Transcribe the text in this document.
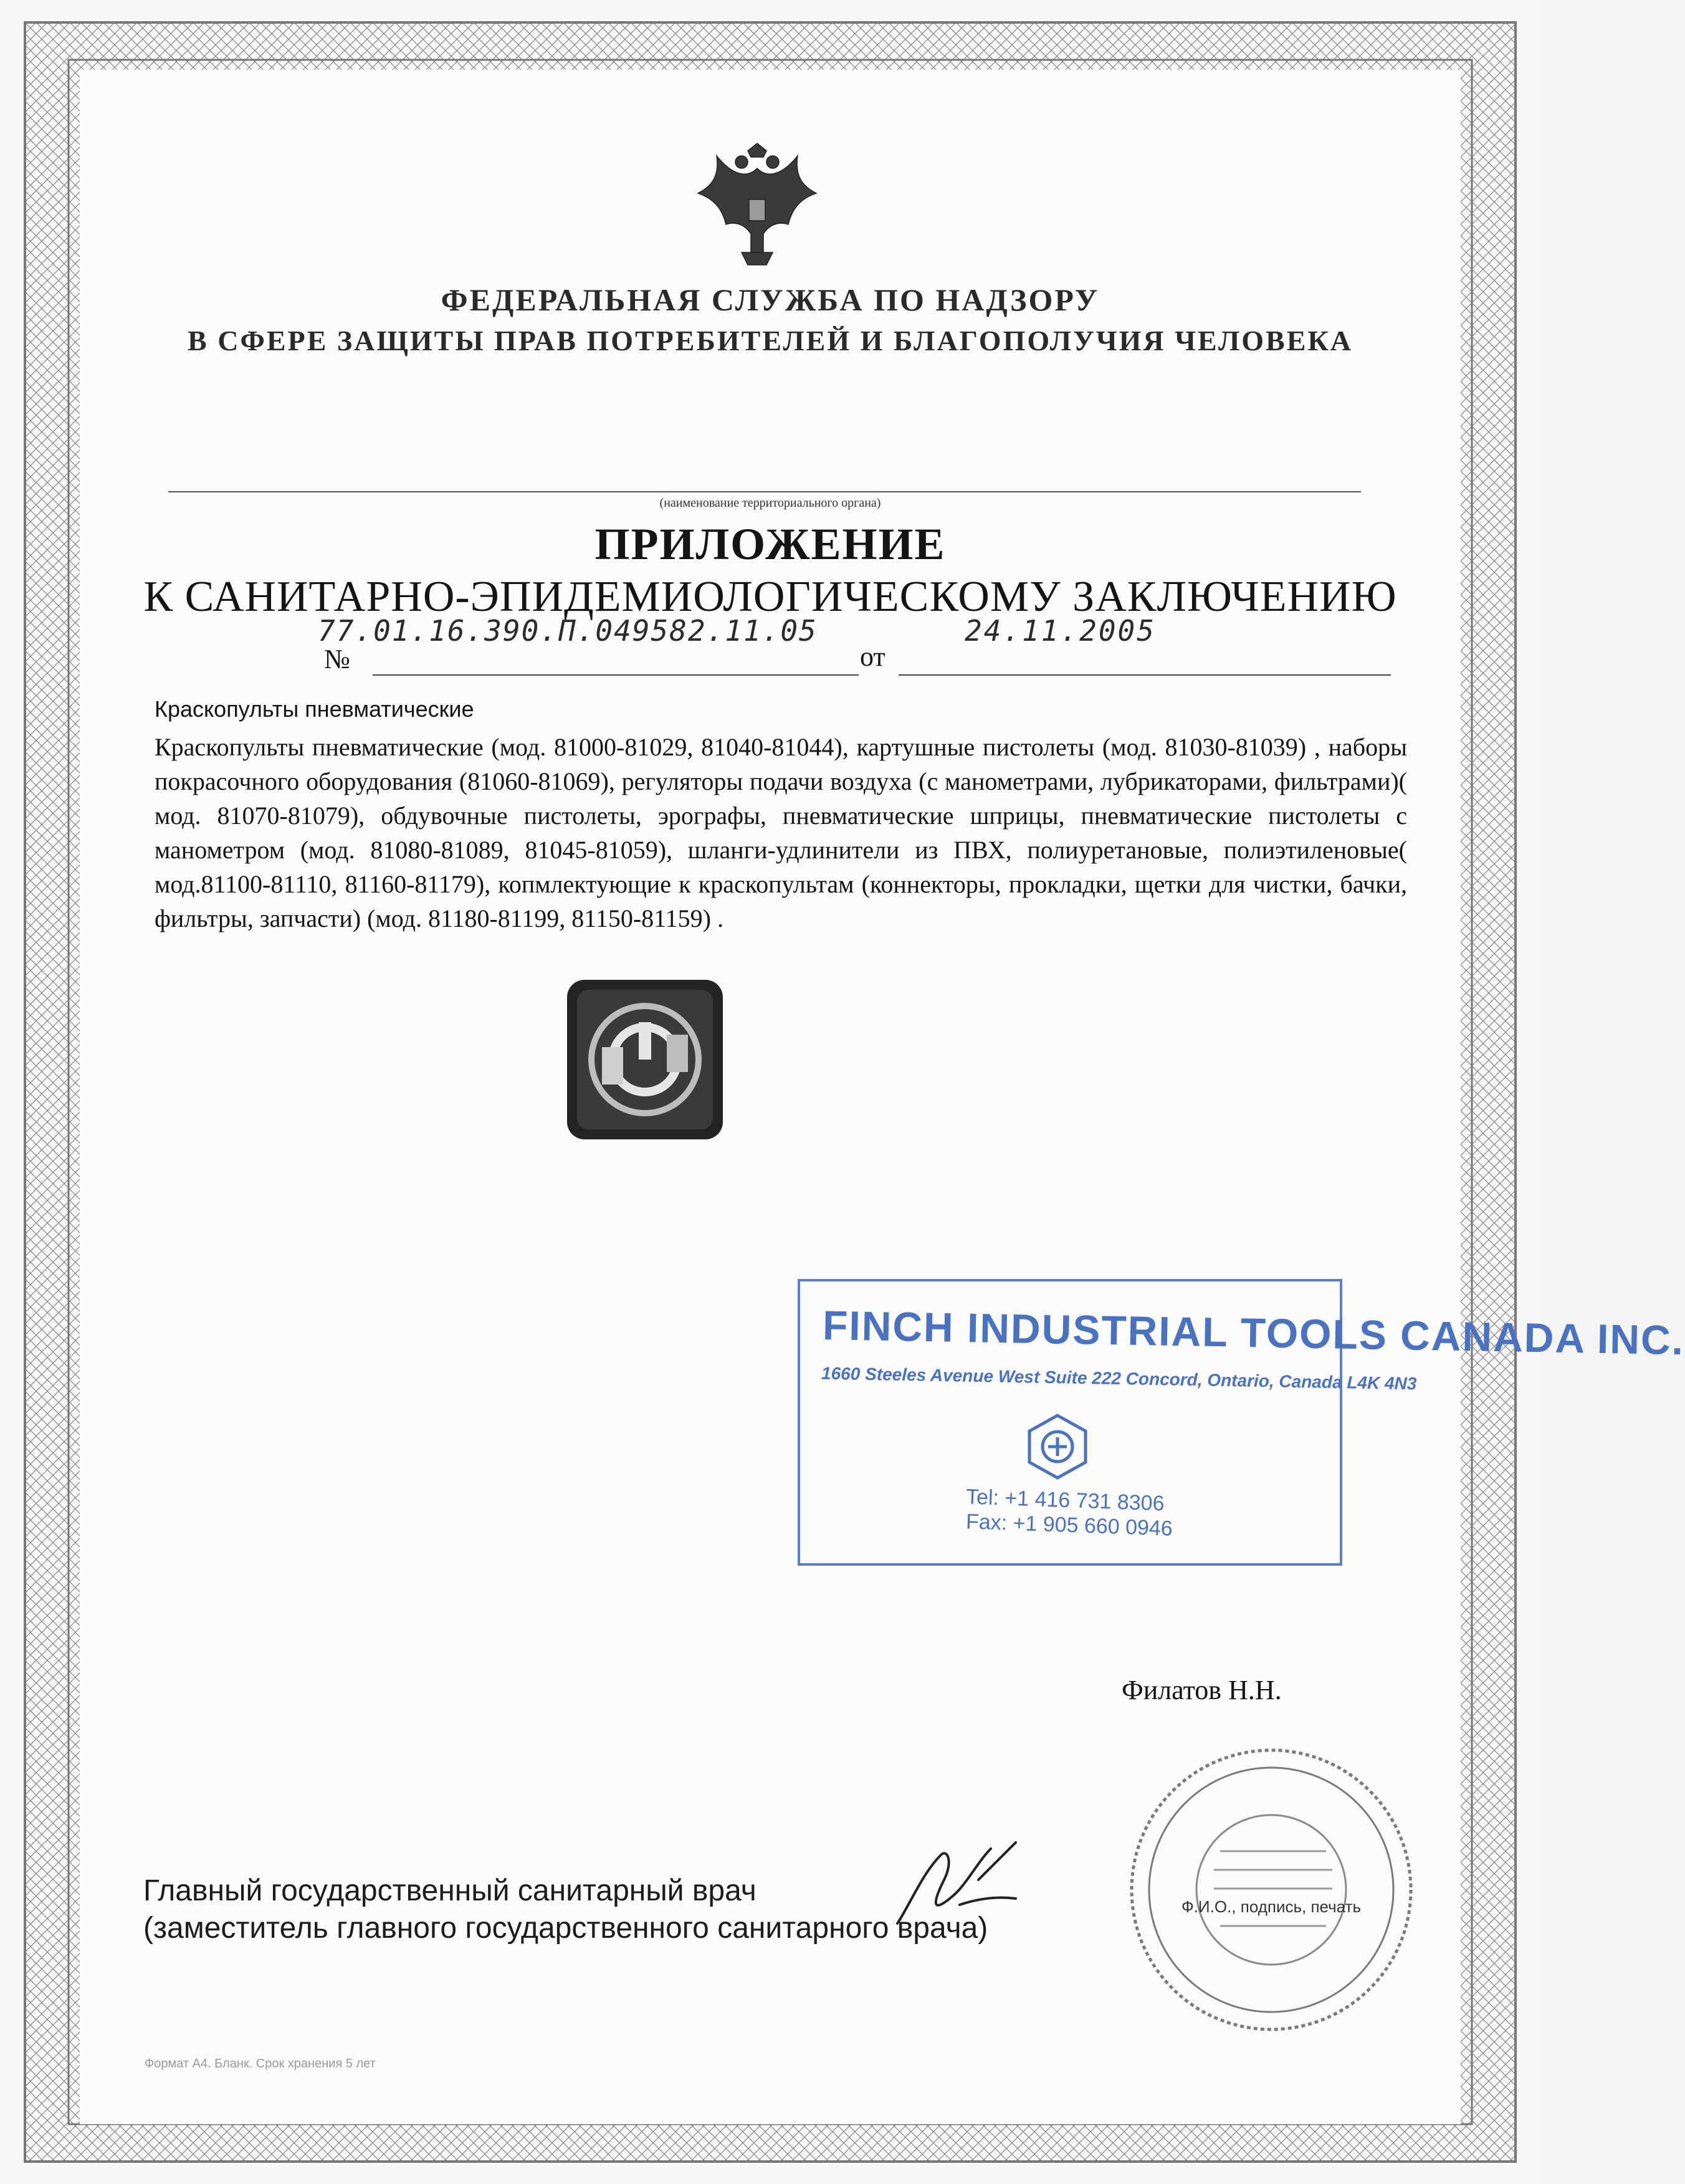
ФЕДЕРАЛЬНАЯ СЛУЖБА ПО НАДЗОРУ
В СФЕРЕ ЗАЩИТЫ ПРАВ ПОТРЕБИТЕЛЕЙ И БЛАГОПОЛУЧИЯ ЧЕЛОВЕКА
(наименование территориального органа)
ПРИЛОЖЕНИЕ
К САНИТАРНО-ЭПИДЕМИОЛОГИЧЕСКОМУ ЗАКЛЮЧЕНИЮ
77.01.16.390.П.049582.11.05	24.11.2005
№	от

Краскопульты пневматические

Краскопульты пневматические (мод. 81000-81029, 81040-81044), картушные пистолеты (мод. 81030-81039) , наборы покрасочного оборудования (81060-81069), регуляторы подачи воздуха (с манометрами, лубрикаторами, фильтрами)( мод. 81070-81079), обдувочные пистолеты, эрографы, пневматические шприцы, пневматические пистолеты с манометром (мод. 81080-81089, 81045-81059), шланги-удлинители из ПВХ, полиуретановые, полиэтиленовые( мод.81100-81110, 81160-81179), копмлектующие к краскопультам (коннекторы, прокладки, щетки для чистки, бачки, фильтры, запчасти) (мод. 81180-81199, 81150-81159) .

FINCH INDUSTRIAL TOOLS CANADA INC.
1660 Steeles Avenue West Suite 222 Concord, Ontario, Canada L4K 4N3
Tel: +1 416 731 8306
Fax: +1 905 660 0946
Филатов Н.Н.
Главный государственный санитарный врач
(заместитель главного государственного санитарного врача)
Ф.И.О., подпись, печать
Формат А4. Бланк. Срок хранения 5 лет
